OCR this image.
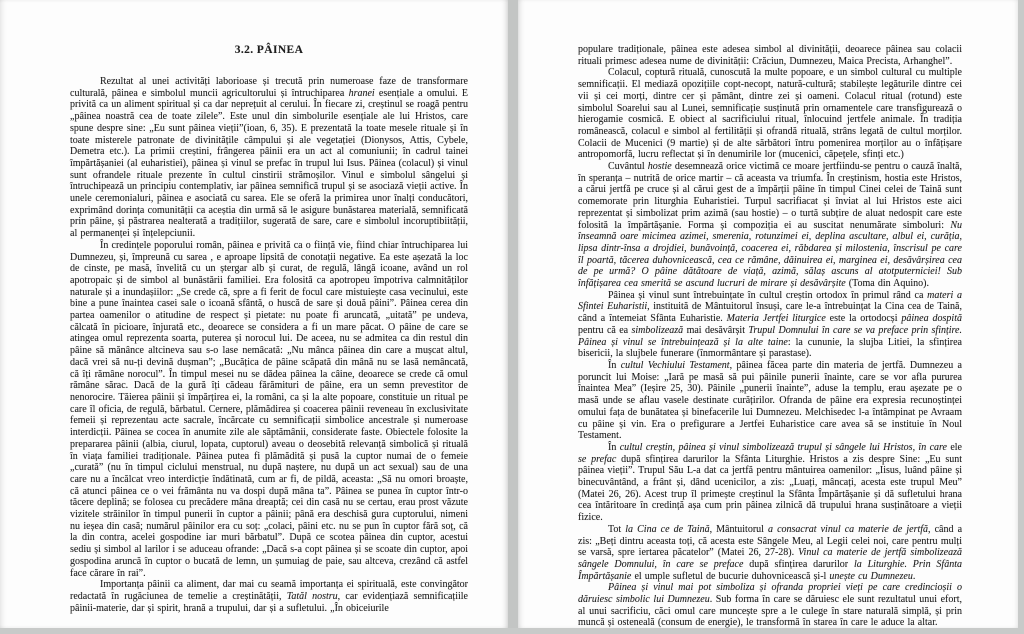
3.2. PÂINEA

Rezultat al unei activități laborioase și trecută prin numeroase faze de transformare culturală, pâinea e simbolul muncii agricultorului și întruchiparea hranei esențiale a omului. E privită ca un aliment spiritual și ca dar neprețuit al cerului. În fiecare zi, creștinul se roagă pentru „pâinea noastră cea de toate zilele”. Este unul din simbolurile esențiale ale lui Hristos, care spune despre sine: „Eu sunt pâinea vieții”(ioan, 6, 35). E prezentată la toate mesele rituale și în toate misterele patronate de divinitățile câmpului și ale vegetației (Dionysos, Attis, Cybele, Demetra etc.). La primii creștini, frângerea pâinii era un act al comuniunii; în cadrul tainei împărtășaniei (al euharistiei), pâinea și vinul se prefac în trupul lui Isus. Pâinea (colacul) și vinul sunt ofrandele rituale prezente în cultul cinstirii strămoșilor. Vinul e simbolul sângelui și întruchipează un principiu contemplativ, iar pâinea semnifică trupul și se asociază vieții active. În unele ceremonialuri, pâinea e asociată cu sarea. Ele se oferă la primirea unor înalți conducători, exprimând dorința comunității ca aceștia din urmă să le asigure bunăstarea materială, semnificată prin pâine, și păstrarea nealterată a tradițiilor, sugerată de sare, care e simbolul incoruptibiității, al permanenței și înțelepciunii.

În credințele poporului român, pâinea e privită ca o ființă vie, fiind chiar întruchiparea lui Dumnezeu, și, împreună cu sarea , e aproape lipsită de conotații negative. Ea este așezată la loc de cinste, pe masă, învelită cu un ștergar alb și curat, de regulă, lângă icoane, având un rol apotropaic și de simbol al bunăstării familiei. Era folosită ca apotropeu împotriva calmnităților naturale și a inundașiilor: „Se crede că, spre a fi ferit de focul care mistuiește casa vecinului, este bine a pune înaintea casei sale o icoană sfântă, o huscă de sare și două pâini”. Pâinea cerea din partea oamenilor o atitudine de respect și pietate: nu poate fi aruncată, „uitată” pe undeva, călcată în picioare, înjurată etc., deoarece se considera a fi un mare păcat. O pâine de care se atingea omul reprezenta soarta, puterea și norocul lui. De aceea, nu se admitea ca din restul din pâine să mănânce altcineva sau s-o lase nemâcată: „Nu mânca pâinea din care a mușcat altul, dacă vrei să nu-ți devină dușman”; „Bucățica de pâine scăpată din mână nu se lasă nemâncată, că îți rămâne norocul”. În timpul mesei nu se dădea pâinea la câine, deoarece se crede că omul rămâne sărac. Dacă de la gură îți cădeau fărămituri de pâine, era un semn prevestitor de nenorocire. Tăierea pâinii și împărțirea ei, la români, ca și la alte popoare, constituie un ritual pe care îl oficia, de regulă, bărbatul. Cernere, plămădirea și coacerea pâinii reveneau în exclusivitate femeii și reprezentau acte sacrale, încărcate cu semnificații simbolice ancestrale și numeroase interdicții. Pâinea se cocea în anumite zile ale săptămânii, considerate faste. Obiectele folosite la prepararea pâinii (albia, ciurul, lopata, cuptorul) aveau o deosebită relevanță simbolică și rituală în viața familiei tradiționale. Pâinea putea fi plămădită și pusă la cuptor numai de o femeie „curată” (nu în timpul ciclului menstrual, nu după naștere, nu după un act sexual) sau de una care nu a încălcat vreo interdicție îndătinată, cum ar fi, de pildă, aceasta: „Să nu omori broaște, că atunci pâinea ce o vei frământa nu va dospi după mâna ta”. Pâinea se punea în cuptor într-o tăcere deplină; se folosea cu precădere mâna dreaptă; cei din casă nu se certau, erau prost văzute vizitele străinilor în timpul punerii în cuptor a pâinii; până era deschisă gura cuptorului, nimeni nu ieșea din casă; numărul pâinilor era cu soț: „colaci, pâini etc. nu se pun în cuptor fără soț, că la din contra, acelei gospodine iar muri bărbatul”. După ce scotea pâinea din cuptor, acestui sediu și simbol al larilor i se aduceau ofrande: „Dacă s-a copt pâinea și se scoate din cuptor, apoi gospodina aruncă în cuptor o bucată de lemn, un șumuiag de paie, sau altceva, crezând că astfel face cărare în rai”.

Importanța pâinii ca aliment, dar mai cu seamă importanța ei spirituală, este convingător redactată în rugăciunea de temelie a creștinătății, Tatăl nostru, car evidențiază semnificațiile pâinii-materie, dar și spirit, hrană a trupului, dar și a sufletului. „În obiceiurile

populare tradiționale, pâinea este adesea simbol al divinității, deoarece pâinea sau colacii rituali primesc adesea nume de divinității: Crăciun, Dumnezeu, Maica Precista, Arhanghel”.

Colacul, coptură rituală, cunoscută la multe popoare, e un simbol cultural cu multiple semnificații. El mediază opozițiile copt-necopt, natură-cultură; stabilește legăturile dintre cei vii și cei morți, dintre cer și pământ, dintre zei și oameni. Colacul ritual (rotund) este simbolul Soarelui sau al Lunei, semnificație susținută prin ornamentele care transfigurează o hierogamie cosmică. E obiect al sacrificiului ritual, înlocuind jertfele animale. În tradiția românească, colacul e simbol al fertilității și ofrandă rituală, strâns legată de cultul morților. Colacii de Mucenici (9 martie) și de alte sărbători întru pomenirea morților au o înfățișare antropomorfă, lucru reflectat și în denumirile lor (mucenici, căpețele, sfinți etc.)

Cuvântul hostie desemnează orice victimă ce moare jertfiindu-se pentru o cauză înaltă, în speranța – nutrită de orice martir – că aceasta va triumfa. În creștinism, hostia este Hristos, a cărui jertfă pe cruce și al cărui gest de a împărții pâine în timpul Cinei celei de Taină sunt comemorate prin liturghia Euharistiei. Turpul sacrifiacat și înviat al lui Hristos este aici reprezentat și simbolizat prim azimă (sau hostie) – o turtă subțire de aluat nedospit care este folosită la împărtășanie. Forma și compoziția ei au suscitat nenumărate simboluri: Nu înseamnă oare micimea azimei, smerenia, rotunzimei ei, deplina ascultare, albul ei, curăția, lipsa dintr-însa a drojdiei, bunăvoință, coacerea ei, răbdarea și milostenia, înscrisul pe care îl poartă, tăcerea duhovnicească, cea ce rămâne, dăinuirea ei, marginea ei, desăvârșirea cea de pe urmă? O pâine dătătoare de viață, azimă, sălaș ascuns al atotputerniciei! Sub înfățișarea cea smerită se ascund lucruri de mirare și desăvârșite (Toma din Aquino).

Pâinea și vinul sunt întrebuințate în cultul creștin ortodox în primul rând ca materi a Sfintei Euharistii, instituită de Mântuitorul însuși, care le-a întrebuințat la Cina cea de Taină, când a întemeiat Sfânta Euharistie. Materia Jertfei liturgice este la ortodocși pâinea dospită pentru că ea simbolizează mai desăvârșit Trupul Domnului în care se va preface prin sfințire. Pâinea și vinul se întrebuințează și la alte taine: la cununie, la slujba Litiei, la sfințirea bisericii, la slujbele funerare (înmormântare și parastase).

În cultul Vechiului Testament, pâinea făcea parte din materia de jertfă. Dumnezeu a poruncit lui Moise: „Iară pe masă să pui pâinile punerii înainte, care se vor afla pururea înaintea Mea” (Ieșire 25, 30). Pâinile „punerii înainte”, aduse la templu, erau așezate pe o masă unde se aflau vasele destinate curățirilor. Ofranda de pâine era expresia recunoștinței omului fața de bunătatea și binefacerile lui Dumnezeu. Melchisedec l-a întâmpinat pe Avraam cu pâine și vin. Era o prefigurare a Jertfei Euharistice care avea să se instituie în Noul Testament.

În cultul creștin, pâinea și vinul simbolizează trupul și sângele lui Hristos, în care ele se prefac după sfințirea darurilor la Sfânta Liturghie. Hristos a zis despre Sine: „Eu sunt pâinea vieții”. Trupul Său L-a dat ca jertfă pentru mântuirea oamenilor: „Iisus, luând pâine și binecuvântând, a frânt și, dând ucenicilor, a zis: „Luați, mâncați, acesta este trupul Meu” (Matei 26, 26). Acest trup îl primește creștinul la Sfânta Împărtășanie și dă sufletului hrana cea întăritoare în credință așa cum prin pâinea zilnică dă trupului hrana susținătoare a vieții fizice.

Tot la Cina ce de Taină, Mântuitorul a consacrat vinul ca materie de jertfă, când a zis: „Beți dintru aceasta toți, că acesta este Sângele Meu, al Legii celei noi, care pentru mulți se varsă, spre iertarea păcatelor” (Matei 26, 27-28). Vinul ca materie de jertfă simbolizează sângele Domnului, în care se preface după sfințirea darurilor la Liturghie. Prin Sfânta Împărtășanie el umple sufletul de bucurie duhovnicească și-l unește cu Dumnezeu.

Pâinea și vinul mai pot simboliza și ofranda propriei vieți pe care credincioșii o dăruiesc simbolic lui Dumnezeu. Sub forma în care se dăruiesc ele sunt rezultatul unui efort, al unui sacrificiu, căci omul care muncește spre a le culege în stare naturală simplă, și prin muncă și osteneală (consum de energie), le transformă în starea în care le aduce la altar.
